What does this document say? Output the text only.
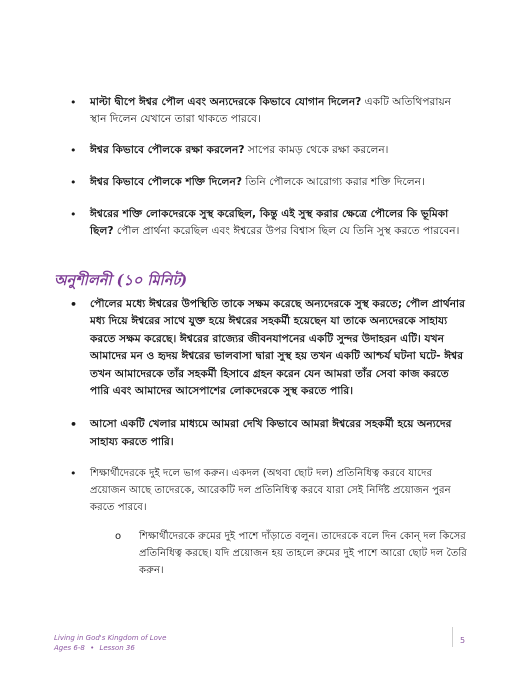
• মাল্টা দ্বীপে ঈশ্বর পৌল এবং অন্যদেরকে কিভাবে যোগান দিলেন? একটি অতিথিপরায়ন স্থান দিলেন যেখানে তারা থাকতে পারবে।
• ঈশ্বর কিভাবে পৌলকে রক্ষা করলেন? সাপের কামড় থেকে রক্ষা করলেন।
• ঈশ্বর কিভাবে পৌলকে শক্তি দিলেন? তিনি পৌলকে আরোগ্য করার শক্তি দিলেন।
• ঈশ্বরের শক্তি লোকদেরকে সুস্থ করেছিল, কিন্তু এই সুস্থ করার ক্ষেত্রে পৌলের কি ভূমিকা ছিল? পৌল প্রার্থনা করেছিল এবং ঈশ্বরের উপর বিশ্বাস ছিল যে তিনি সুস্থ করতে পারবেন।
অনুশীলনী (১০ মিনিট)
• পৌলের মধ্যে ঈশ্বরের উপস্থিতি তাকে সক্ষম করেছে অন্যদেরকে সুস্থ করতে; পৌল প্রার্থনার মধ্য দিয়ে ঈশ্বরের সাথে যুক্ত হয়ে ঈশ্বরের সহকর্মী হয়েছেন যা তাকে অন্যদেরকে সাহায্য করতে সক্ষম করেছে। ঈশ্বরের রাজ্যের জীবনযাপনের একটি সুন্দর উদাহরন এটি। যখন আমাদের মন ও হৃদয় ঈশ্বরের ভালবাসা দ্বারা সুস্থ হয় তখন একটি আশ্চর্য ঘটনা ঘটে- ঈশ্বর তখন আমাদেরকে তাঁর সহকর্মী হিসাবে গ্রহন করেন যেন আমরা তাঁর সেবা কাজ করতে পারি এবং আমাদের আসেপাশের লোকদেরকে সুস্থ করতে পারি।
• আসো একটি খেলার মাধ্যমে আমরা দেখি কিভাবে আমরা ঈশ্বরের সহকর্মী হয়ে অন্যদের সাহায্য করতে পারি।
• শিক্ষার্থীদেরকে দুই দলে ভাগ করুন। একদল (অথবা ছোট দল) প্রতিনিধিত্ব করবে যাদের প্রয়োজন আছে তাদেরকে, আরেকটি দল প্রতিনিধিত্ব করবে যারা সেই নির্দিষ্ট প্রয়োজন পুরন করতে পারবে।
o শিক্ষার্থীদেরকে রুমের দুই পাশে দাঁড়াতে বলুন। তাদেরকে বলে দিন কোন্ দল কিসের প্রতিনিধিত্ব করছে। যদি প্রয়োজন হয় তাহলে রুমের দুই পাশে আরো ছোট দল তৈরি করুন।
Living in God's Kingdom of Love
Ages 6-8 • Lesson 36
5
